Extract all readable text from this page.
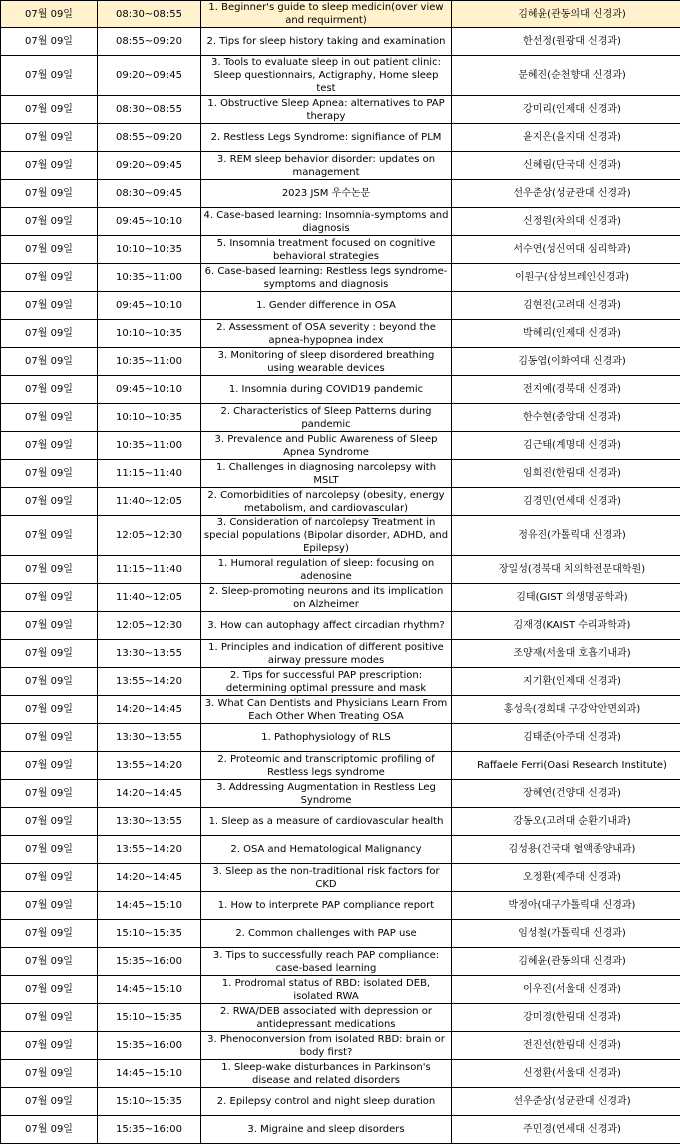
07월 09일	08:30~08:55	1. Beginner's guide to sleep medicin(over view and requirment)	김혜윤(관동의대 신경과)
07월 09일	08:55~09:20	2. Tips for sleep history taking and examination	한선정(원광대 신경과)
07월 09일	09:20~09:45	3. Tools to evaluate sleep in out patient clinic: Sleep questionnairs, Actigraphy, Home sleep test	문혜진(순천향대 신경과)
07월 09일	08:30~08:55	1. Obstructive Sleep Apnea: alternatives to PAP therapy	강미리(인제대 신경과)
07월 09일	08:55~09:20	2. Restless Legs Syndrome: signifiance of PLM	윤지은(을지대 신경과)
07월 09일	09:20~09:45	3. REM sleep behavior disorder: updates on management	신혜림(단국대 신경과)
07월 09일	08:30~09:45	2023 JSM 우수논문	선우준상(성균관대 신경과)
07월 09일	09:45~10:10	4. Case-based learning: Insomnia-symptoms and diagnosis	신정원(차의대 신경과)
07월 09일	10:10~10:35	5. Insomnia treatment focused on cognitive behavioral strategies	서수연(성신여대 심리학과)
07월 09일	10:35~11:00	6. Case-based learning: Restless legs syndrome-symptoms and diagnosis	이원구(삼성브레인신경과)
07월 09일	09:45~10:10	1. Gender difference in OSA	김현진(고려대 신경과)
07월 09일	10:10~10:35	2. Assessment of OSA severity : beyond the apnea-hypopnea index	박혜리(인제대 신경과)
07월 09일	10:35~11:00	3. Monitoring of sleep disordered breathing using wearable devices	김동엽(이화여대 신경과)
07월 09일	09:45~10:10	1. Insomnia during COVID19 pandemic	전지예(경북대 신경과)
07월 09일	10:10~10:35	2. Characteristics of Sleep Patterns during pandemic	한수현(중앙대 신경과)
07월 09일	10:35~11:00	3. Prevalence and Public Awareness of Sleep Apnea Syndrome	김근태(계명대 신경과)
07월 09일	11:15~11:40	1. Challenges in diagnosing narcolepsy with MSLT	임희진(한림대 신경과)
07월 09일	11:40~12:05	2. Comorbidities of narcolepsy (obesity, energy metabolism, and cardiovascular)	김경민(연세대 신경과)
07월 09일	12:05~12:30	3. Consideration of narcolepsy Treatment in special populations (Bipolar disorder, ADHD, and Epilepsy)	정유진(가톨릭대 신경과)
07월 09일	11:15~11:40	1. Humoral regulation of sleep: focusing on adenosine	장일성(경북대 치의학전문대학원)
07월 09일	11:40~12:05	2. Sleep-promoting neurons and its implication on Alzheimer	김태(GIST 의생명공학과)
07월 09일	12:05~12:30	3. How can autophagy affect circadian rhythm?	김재경(KAIST 수리과학과)
07월 09일	13:30~13:55	1. Principles and indication of different positive airway pressure modes	조양재(서울대 호흡기내과)
07월 09일	13:55~14:20	2. Tips for successful PAP prescription: determining optimal pressure and mask	지기환(인제대 신경과)
07월 09일	14:20~14:45	3. What Can Dentists and Physicians Learn From Each Other When Treating OSA	홍성욱(경희대 구강악안면외과)
07월 09일	13:30~13:55	1. Pathophysiology of RLS	김태준(아주대 신경과)
07월 09일	13:55~14:20	2. Proteomic and transcriptomic profiling of Restless legs syndrome	Raffaele Ferri(Oasi Research Institute)
07월 09일	14:20~14:45	3. Addressing Augmentation in Restless Leg Syndrome	장혜연(건양대 신경과)
07월 09일	13:30~13:55	1. Sleep as a measure of cardiovascular health	강동오(고려대 순환기내과)
07월 09일	13:55~14:20	2. OSA and Hematological Malignancy	김성용(건국대 혈액종양내과)
07월 09일	14:20~14:45	3. Sleep as the non-traditional risk factors for CKD	오정환(제주대 신경과)
07월 09일	14:45~15:10	1. How to interprete PAP compliance report	박정아(대구가톨릭대 신경과)
07월 09일	15:10~15:35	2. Common challenges with PAP use	임성철(가톨릭대 신경과)
07월 09일	15:35~16:00	3. Tips to successfully reach PAP compliance: case-based learning	김혜윤(관동의대 신경과)
07월 09일	14:45~15:10	1. Prodromal status of RBD: isolated DEB, isolated RWA	이우진(서울대 신경과)
07월 09일	15:10~15:35	2. RWA/DEB associated with depression or antidepressant medications	강미경(한림대 신경과)
07월 09일	15:35~16:00	3. Phenoconversion from isolated RBD: brain or body first?	전진선(한림대 신경과)
07월 09일	14:45~15:10	1. Sleep-wake disturbances in Parkinson's disease and related disorders	신정환(서울대 신경과)
07월 09일	15:10~15:35	2. Epilepsy control and night sleep duration	선우준상(성균관대 신경과)
07월 09일	15:35~16:00	3. Migraine and sleep disorders	주민경(연세대 신경과)
